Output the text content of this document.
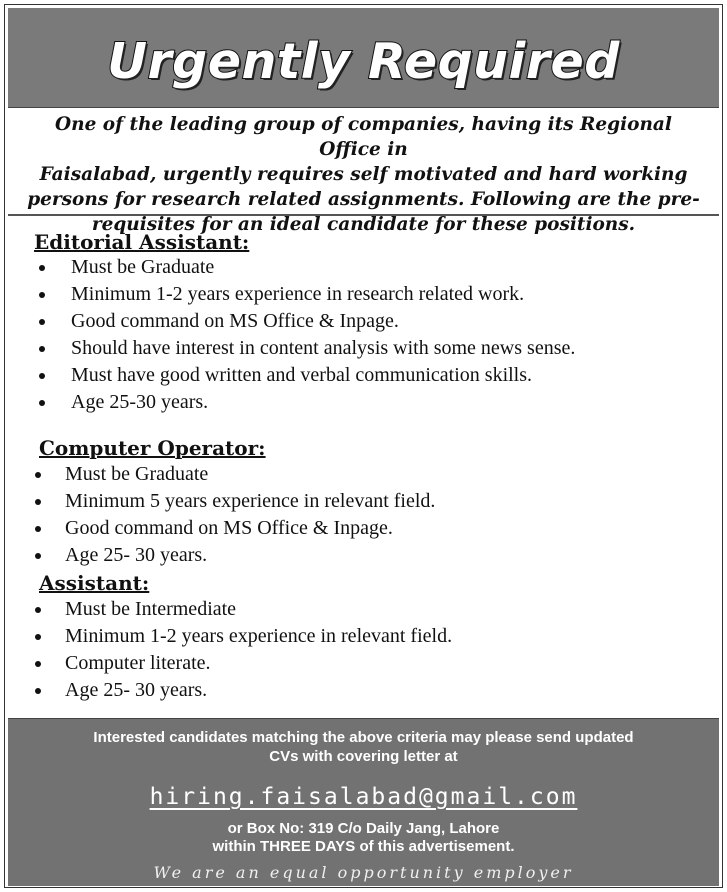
Urgently Required
One of the leading group of companies, having its Regional Office in
Faisalabad, urgently requires self motivated and hard working
persons for research related assignments. Following are the pre-
requisites for an ideal candidate for these positions.
Editorial Assistant:
Must be Graduate
Minimum 1-2 years experience in research related work.
Good command on MS Office & Inpage.
Should have interest in content analysis with some news sense.
Must have good written and verbal communication skills.
Age 25-30 years.
Computer Operator:
Must be Graduate
Minimum 5 years experience in relevant field.
Good command on MS Office & Inpage.
Age 25- 30 years.
Assistant:
Must be Intermediate
Minimum 1-2 years experience in relevant field.
Computer literate.
Age 25- 30 years.
Interested candidates matching the above criteria may please send updated
CVs with covering letter at
hiring.faisalabad@gmail.com
or Box No: 319 C/o Daily Jang, Lahore
within THREE DAYS of this advertisement.
We are an equal opportunity employer
